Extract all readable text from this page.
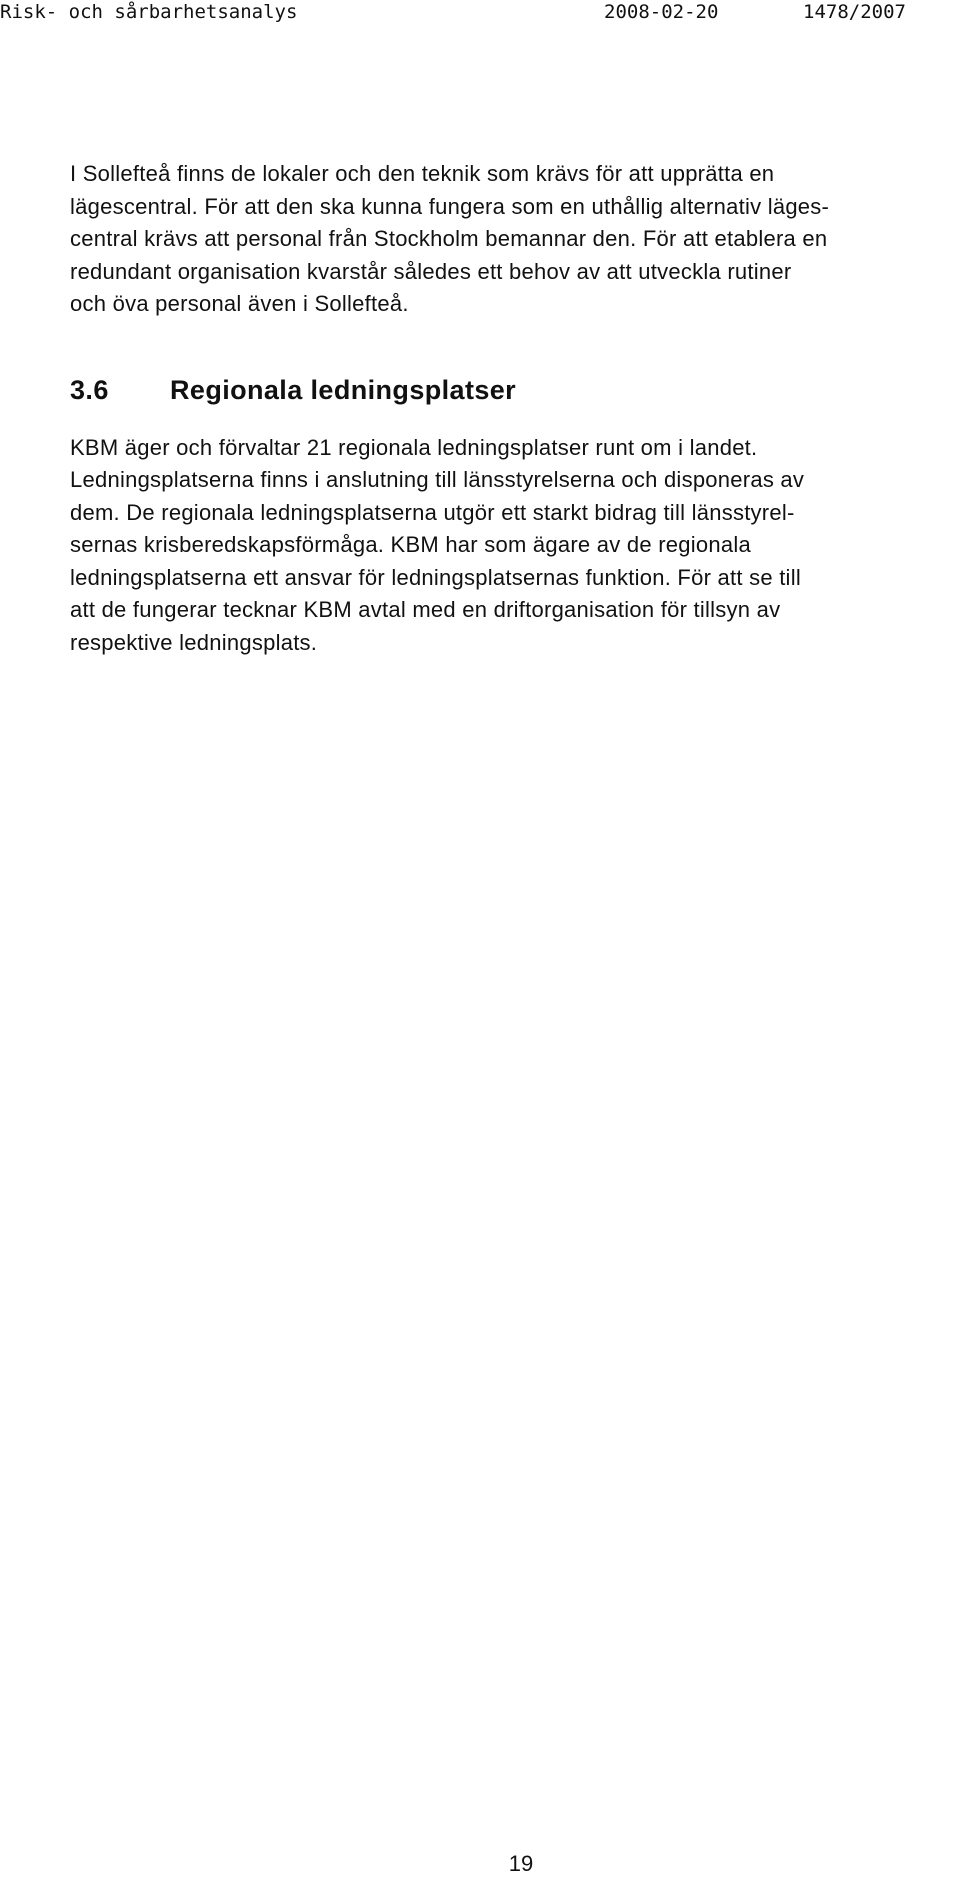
Risk- och sårbarhetsanalys	2008-02-20	1478/2007

I Sollefteå finns de lokaler och den teknik som krävs för att upprätta en
lägescentral. För att den ska kunna fungera som en uthållig alternativ läges-
central krävs att personal från Stockholm bemannar den. För att etablera en
redundant organisation kvarstår således ett behov av att utveckla rutiner
och öva personal även i Sollefteå.

3.6 Regionala ledningsplatser

KBM äger och förvaltar 21 regionala ledningsplatser runt om i landet.
Ledningsplatserna finns i anslutning till länsstyrelserna och disponeras av
dem. De regionala ledningsplatserna utgör ett starkt bidrag till länsstyrel-
sernas krisberedskapsförmåga. KBM har som ägare av de regionala
ledningsplatserna ett ansvar för ledningsplatsernas funktion. För att se till
att de fungerar tecknar KBM avtal med en driftorganisation för tillsyn av
respektive ledningsplats.

19
